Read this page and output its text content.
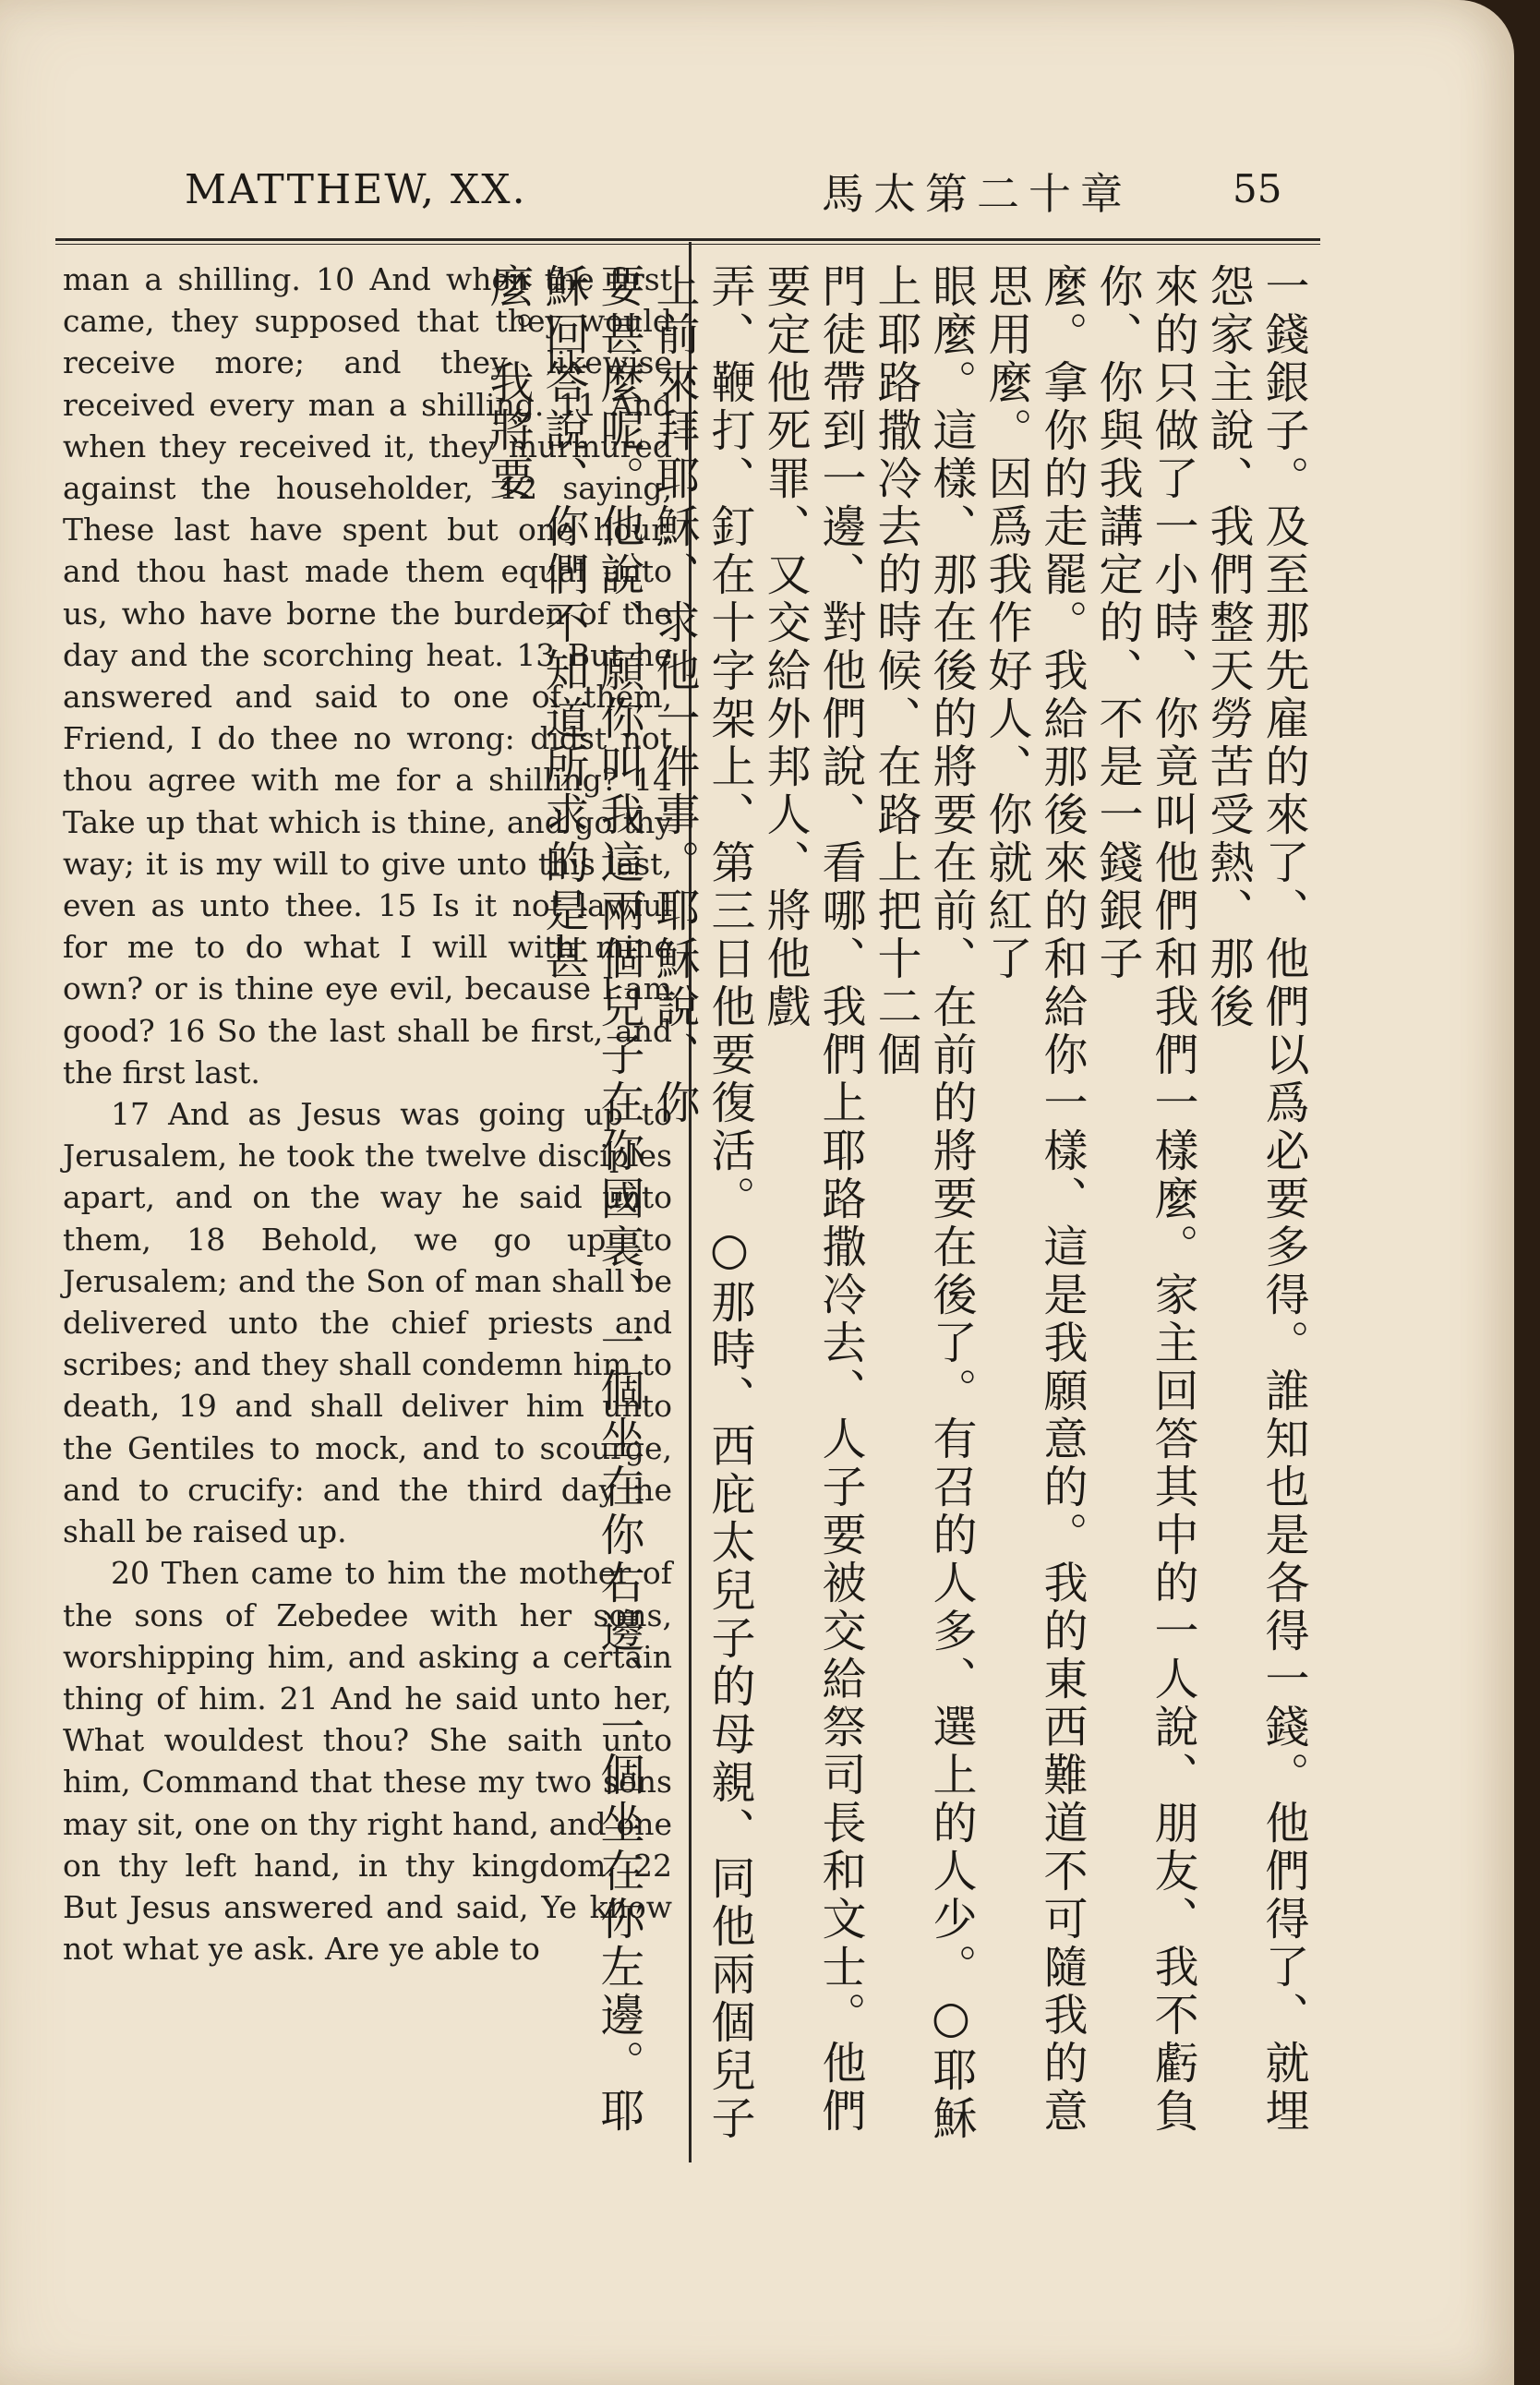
MATTHEW, XX.	馬太第二十章	55

man a shilling. 10 And when the first came, they supposed that they would receive more; and they likewise received every man a shilling. 11 And when they received it, they murmured against the householder, 12 saying, These last have spent but one hour, and thou hast made them equal unto us, who have borne the burden of the day and the scorching heat. 13 But he answered and said to one of them, Friend, I do thee no wrong: didst not thou agree with me for a shilling? 14 Take up that which is thine, and go thy way; it is my will to give unto this last, even as unto thee. 15 Is it not lawful for me to do what I will with mine own? or is thine eye evil, because I am good? 16 So the last shall be first, and the first last.

17 And as Jesus was going up to Jerusalem, he took the twelve disciples apart, and on the way he said unto them, 18 Behold, we go up to Jerusalem; and the Son of man shall be delivered unto the chief priests and scribes; and they shall condemn him to death, 19 and shall deliver him unto the Gentiles to mock, and to scourge, and to crucify: and the third day he shall be raised up.

20 Then came to him the mother of the sons of Zebedee with her sons, worshipping him, and asking a certain thing of him. 21 And he said unto her, What wouldest thou? She saith unto him, Command that these my two sons may sit, one on thy right hand, and one on thy left hand, in thy kingdom. 22 But Jesus answered and said, Ye know not what ye ask. Are ye able to	一錢銀子。及至那先雇的來了、他們以爲必要多得。誰知也是各得一錢。他們得了、就埋怨家主說、我們整天勞苦受熱、那後
來的只做了一小時、你竟叫他們和我們一樣麼。家主回答其中的一人說、朋友、我不虧負你、你與我講定的、不是一錢銀子
麼。拿你的走罷。我給那後來的和給你一樣、這是我願意的。我的東西難道不可隨我的意思用麼。因爲我作好人、你就紅了
眼麼。這樣、那在後的將要在前、在前的將要在後了。有召的人多、選上的人少。○耶穌上耶路撒冷去的時候、在路上把十二個
門徒帶到一邊、對他們說、看哪、我們上耶路撒冷去、人子要被交給祭司長和文士。他們要定他死罪、又交給外邦人、將他戲
弄、鞭打、釘在十字架上、第三日他要復活。○那時、西庇太兒子的母親、同他兩個兒子上前來拜耶穌、求他一件事。耶穌說、你
要甚麼呢。他說、願你叫我這兩個兒子在你國裏、一個坐在你右邊、一個坐在你左邊。耶穌回答說、你們不知道所求的是甚
麼。我將要
